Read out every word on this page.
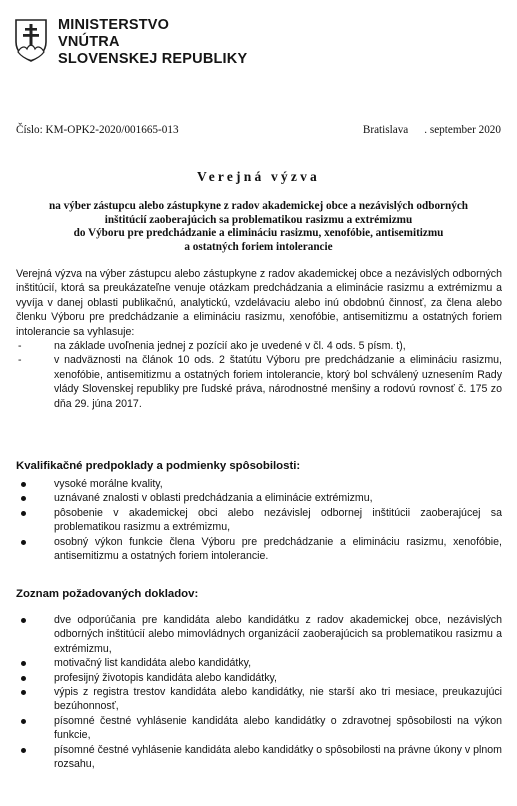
MINISTERSTVO
VNÚTRA
SLOVENSKEJ REPUBLIKY
Číslo: KM-OPK2-2020/001665-013	Bratislava . september 2020
Verejná výzva
na výber zástupcu alebo zástupkyne z radov akademickej obce a nezávislých odborných
inštitúcií zaoberajúcich sa problematikou rasizmu a extrémizmu
do Výboru pre predchádzanie a elimináciu rasizmu, xenofóbie, antisemitizmu
a ostatných foriem intolerancie
Verejná výzva na výber zástupcu alebo zástupkyne z radov akademickej obce a nezávislých odborných inštitúcií, ktorá sa preukázateľne venuje otázkam predchádzania a eliminácie rasizmu a extrémizmu a vyvíja v danej oblasti publikačnú, analytickú, vzdelávaciu alebo inú obdobnú činnosť, za člena alebo členku Výboru pre predchádzanie a elimináciu rasizmu, xenofóbie, antisemitizmu a ostatných foriem intolerancie sa vyhlasuje:
-	na základe uvoľnenia jednej z pozícií ako je uvedené v čl. 4 ods. 5 písm. t),
-	v nadväznosti na článok 10 ods. 2 štatútu Výboru pre predchádzanie a elimináciu rasizmu, xenofóbie, antisemitizmu a ostatných foriem intolerancie, ktorý bol schválený uznesením Rady vlády Slovenskej republiky pre ľudské práva, národnostné menšiny a rodovú rovnosť č. 175 zo dňa 29. júna 2017.
Kvalifikačné predpoklady a podmienky spôsobilosti:
vysoké morálne kvality,
uznávané znalosti v oblasti predchádzania a eliminácie extrémizmu,
pôsobenie v akademickej obci alebo nezávislej odbornej inštitúcii zaoberajúcej sa problematikou rasizmu a extrémizmu,
osobný výkon funkcie člena Výboru pre predchádzanie a elimináciu rasizmu, xenofóbie, antisemitizmu a ostatných foriem intolerancie.
Zoznam požadovaných dokladov:
dve odporúčania pre kandidáta alebo kandidátku z radov akademickej obce, nezávislých odborných inštitúcií alebo mimovládnych organizácií zaoberajúcich sa problematikou rasizmu a extrémizmu,
motivačný list kandidáta alebo kandidátky,
profesijný životopis kandidáta alebo kandidátky,
výpis z registra trestov kandidáta alebo kandidátky, nie starší ako tri mesiace, preukazujúci bezúhonnosť,
písomné čestné vyhlásenie kandidáta alebo kandidátky o zdravotnej spôsobilosti na výkon funkcie,
písomné čestné vyhlásenie kandidáta alebo kandidátky o spôsobilosti na právne úkony v plnom rozsahu,
